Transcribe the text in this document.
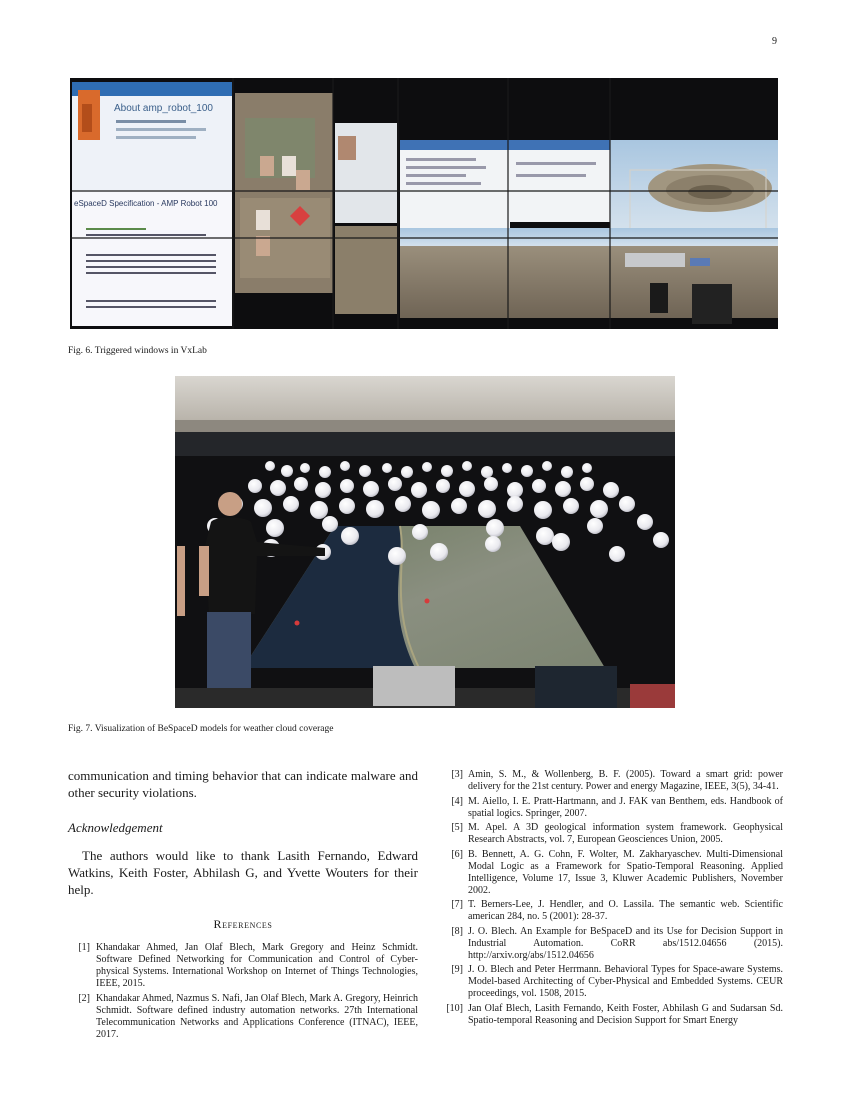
9
About amp_robot_100
eSpaceD Specification - AMP Robot 100
Fig. 6. Triggered windows in VxLab
Fig. 7. Visualization of BeSpaceD models for weather cloud coverage

communication and timing behavior that can indicate malware and other security violations.

Acknowledgement

The authors would like to thank Lasith Fernando, Edward Watkins, Keith Foster, Abhilash G, and Yvette Wouters for their help.

References
[1] Khandakar Ahmed, Jan Olaf Blech, Mark Gregory and Heinz Schmidt. Software Defined Networking for Communication and Control of Cyber-physical Systems. International Workshop on Internet of Things Technologies, IEEE, 2015.
[2] Khandakar Ahmed, Nazmus S. Nafi, Jan Olaf Blech, Mark A. Gregory, Heinrich Schmidt. Software defined industry automation networks. 27th International Telecommunication Networks and Applications Conference (ITNAC), IEEE, 2017.
[3] Amin, S. M., & Wollenberg, B. F. (2005). Toward a smart grid: power delivery for the 21st century. Power and energy Magazine, IEEE, 3(5), 34-41.
[4] M. Aiello, I. E. Pratt-Hartmann, and J. FAK van Benthem, eds. Handbook of spatial logics. Springer, 2007.
[5] M. Apel. A 3D geological information system framework. Geophysical Research Abstracts, vol. 7, European Geosciences Union, 2005.
[6] B. Bennett, A. G. Cohn, F. Wolter, M. Zakharyaschev. Multi-Dimensional Modal Logic as a Framework for Spatio-Temporal Reasoning. Applied Intelligence, Volume 17, Issue 3, Kluwer Academic Publishers, November 2002.
[7] T. Berners-Lee, J. Hendler, and O. Lassila. The semantic web. Scientific american 284, no. 5 (2001): 28-37.
[8] J. O. Blech. An Example for BeSpaceD and its Use for Decision Support in Industrial Automation. CoRR abs/1512.04656 (2015). http://arxiv.org/abs/1512.04656
[9] J. O. Blech and Peter Herrmann. Behavioral Types for Space-aware Systems. Model-based Architecting of Cyber-Physical and Embedded Systems. CEUR proceedings, vol. 1508, 2015.
[10] Jan Olaf Blech, Lasith Fernando, Keith Foster, Abhilash G and Sudarsan Sd. Spatio-temporal Reasoning and Decision Support for Smart Energy
